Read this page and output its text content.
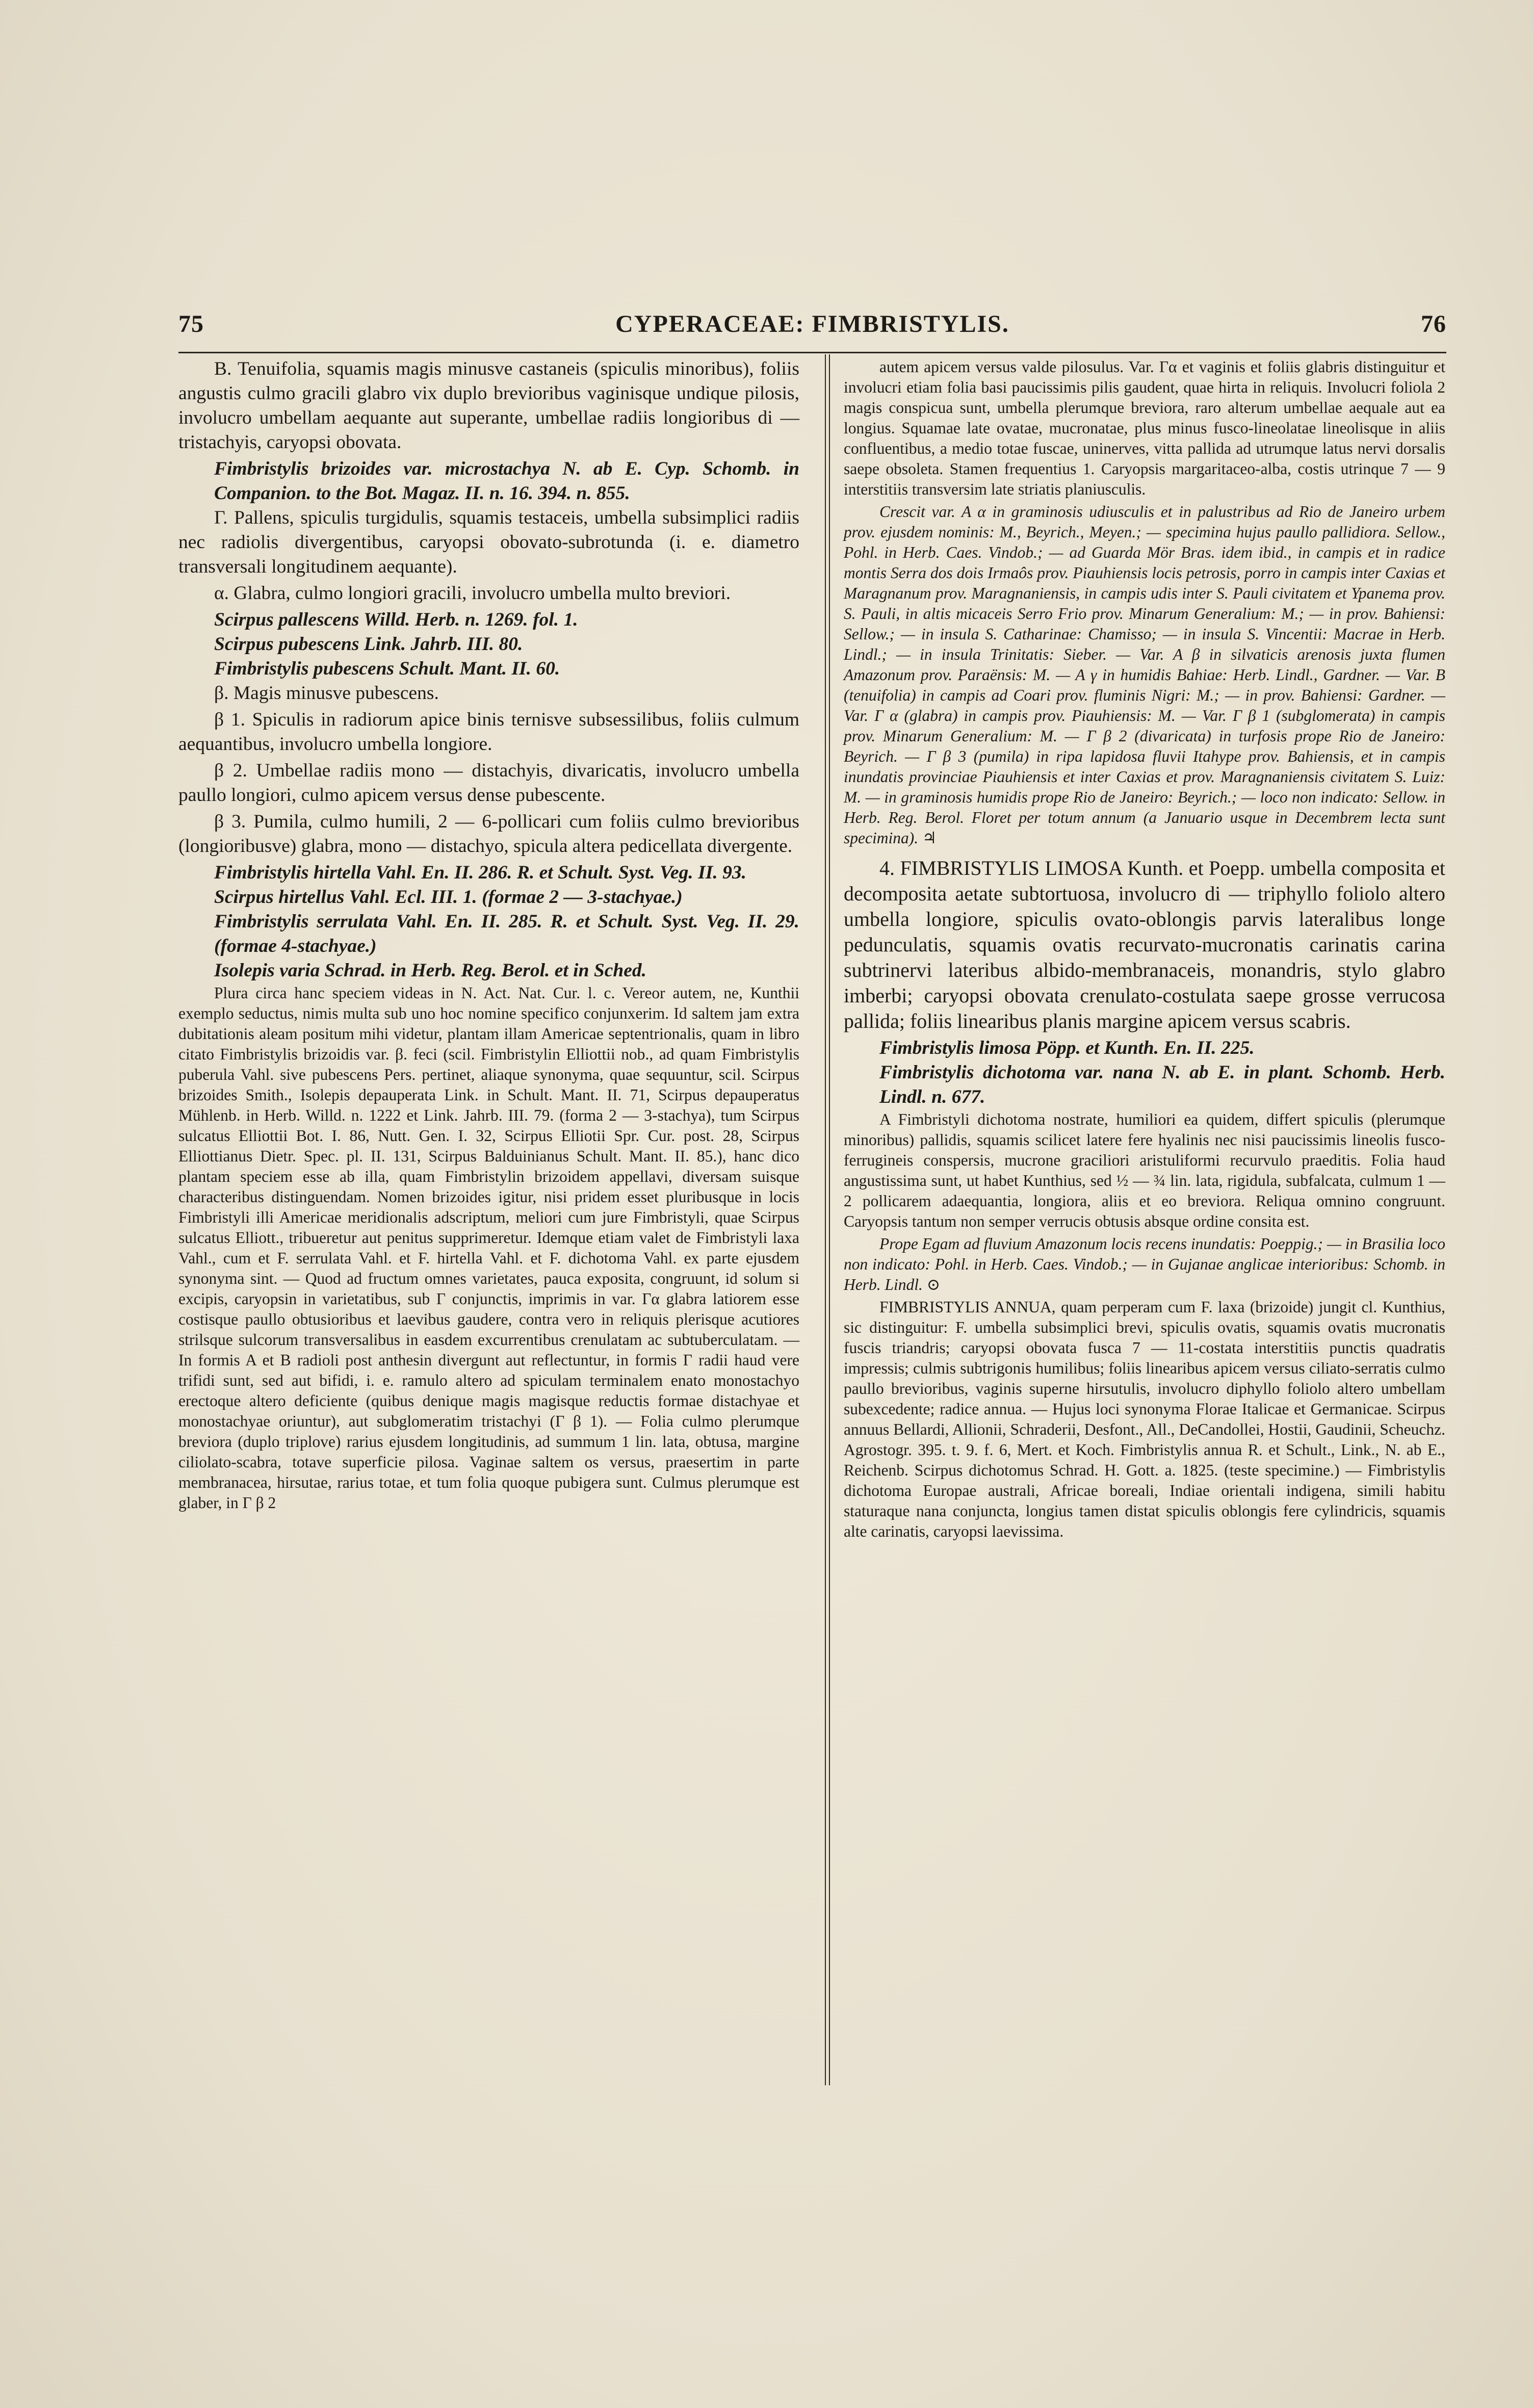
75	CYPERACEAE: FIMBRISTYLIS.	76

B. Tenuifolia, squamis magis minusve castaneis (spiculis minoribus), foliis angustis culmo gracili glabro vix duplo brevioribus vaginisque undique pilosis, involucro umbellam aequante aut superante, umbellae radiis longioribus di — tristachyis, caryopsi obovata.

Fimbristylis brizoides var. microstachya N. ab E. Cyp. Schomb. in Companion. to the Bot. Magaz. II. n. 16. 394. n. 855.

Γ. Pallens, spiculis turgidulis, squamis testaceis, umbella subsimplici radiis nec radiolis divergentibus, caryopsi obovato-subrotunda (i. e. diametro transversali longitudinem aequante).

α. Glabra, culmo longiori gracili, involucro umbella multo breviori.

Scirpus pallescens Willd. Herb. n. 1269. fol. 1.

Scirpus pubescens Link. Jahrb. III. 80.

Fimbristylis pubescens Schult. Mant. II. 60.

β. Magis minusve pubescens.

β 1. Spiculis in radiorum apice binis ternisve subsessilibus, foliis culmum aequantibus, involucro umbella longiore.

β 2. Umbellae radiis mono — distachyis, divaricatis, involucro umbella paullo longiori, culmo apicem versus dense pubescente.

β 3. Pumila, culmo humili, 2 — 6-pollicari cum foliis culmo brevioribus (longioribusve) glabra, mono — distachyo, spicula altera pedicellata divergente.

Fimbristylis hirtella Vahl. En. II. 286. R. et Schult. Syst. Veg. II. 93.

Scirpus hirtellus Vahl. Ecl. III. 1. (formae 2 — 3-stachyae.)

Fimbristylis serrulata Vahl. En. II. 285. R. et Schult. Syst. Veg. II. 29. (formae 4-stachyae.)

Isolepis varia Schrad. in Herb. Reg. Berol. et in Sched.

Plura circa hanc speciem videas in N. Act. Nat. Cur. l. c. Vereor autem, ne, Kunthii exemplo seductus, nimis multa sub uno hoc nomine specifico conjunxerim. Id saltem jam extra dubitationis aleam positum mihi videtur, plantam illam Americae septentrionalis, quam in libro citato Fimbristylis brizoidis var. β. feci (scil. Fimbristylin Elliottii nob., ad quam Fimbristylis puberula Vahl. sive pubescens Pers. pertinet, aliaque synonyma, quae sequuntur, scil. Scirpus brizoides Smith., Isolepis depauperata Link. in Schult. Mant. II. 71, Scirpus depauperatus Mühlenb. in Herb. Willd. n. 1222 et Link. Jahrb. III. 79. (forma 2 — 3-stachya), tum Scirpus sulcatus Elliottii Bot. I. 86, Nutt. Gen. I. 32, Scirpus Elliotii Spr. Cur. post. 28, Scirpus Elliottianus Dietr. Spec. pl. II. 131, Scirpus Balduinianus Schult. Mant. II. 85.), hanc dico plantam speciem esse ab illa, quam Fimbristylin brizoidem appellavi, diversam suisque characteribus distinguendam. Nomen brizoides igitur, nisi pridem esset pluribusque in locis Fimbristyli illi Americae meridionalis adscriptum, meliori cum jure Fimbristyli, quae Scirpus sulcatus Elliott., tribueretur aut penitus supprimeretur. Idemque etiam valet de Fimbristyli laxa Vahl., cum et F. serrulata Vahl. et F. hirtella Vahl. et F. dichotoma Vahl. ex parte ejusdem synonyma sint. — Quod ad fructum omnes varietates, pauca exposita, congruunt, id solum si excipis, caryopsin in varietatibus, sub Γ conjunctis, imprimis in var. Γα glabra latiorem esse costisque paullo obtusioribus et laevibus gaudere, contra vero in reliquis plerisque acutiores strilsque sulcorum transversalibus in easdem excurrentibus crenulatam ac subtuberculatam. — In formis A et B radioli post anthesin divergunt aut reflectuntur, in formis Γ radii haud vere trifidi sunt, sed aut bifidi, i. e. ramulo altero ad spiculam terminalem enato monostachyo erectoque altero deficiente (quibus denique magis magisque reductis formae distachyae et monostachyae oriuntur), aut subglomeratim tristachyi (Γ β 1). — Folia culmo plerumque breviora (duplo triplove) rarius ejusdem longitudinis, ad summum 1 lin. lata, obtusa, margine ciliolato-scabra, totave superficie pilosa. Vaginae saltem os versus, praesertim in parte membranacea, hirsutae, rarius totae, et tum folia quoque pubigera sunt. Culmus plerumque est glaber, in Γ β 2

autem apicem versus valde pilosulus. Var. Γα et vaginis et foliis glabris distinguitur et involucri etiam folia basi paucissimis pilis gaudent, quae hirta in reliquis. Involucri foliola 2 magis conspicua sunt, umbella plerumque breviora, raro alterum umbellae aequale aut ea longius. Squamae late ovatae, mucronatae, plus minus fusco-lineolatae lineolisque in aliis confluentibus, a medio totae fuscae, uninerves, vitta pallida ad utrumque latus nervi dorsalis saepe obsoleta. Stamen frequentius 1. Caryopsis margaritaceo-alba, costis utrinque 7 — 9 interstitiis transversim late striatis planiusculis.

Crescit var. A α in graminosis udiusculis et in palustribus ad Rio de Janeiro urbem prov. ejusdem nominis: M., Beyrich., Meyen.; — specimina hujus paullo pallidiora. Sellow., Pohl. in Herb. Caes. Vindob.; — ad Guarda Mör Bras. idem ibid., in campis et in radice montis Serra dos dois Irmaôs prov. Piauhiensis locis petrosis, porro in campis inter Caxias et Maragnanum prov. Maragnaniensis, in campis udis inter S. Pauli civitatem et Ypanema prov. S. Pauli, in altis micaceis Serro Frio prov. Minarum Generalium: M.; — in prov. Bahiensi: Sellow.; — in insula S. Catharinae: Chamisso; — in insula S. Vincentii: Macrae in Herb. Lindl.; — in insula Trinitatis: Sieber. — Var. A β in silvaticis arenosis juxta flumen Amazonum prov. Paraënsis: M. — A γ in humidis Bahiae: Herb. Lindl., Gardner. — Var. B (tenuifolia) in campis ad Coari prov. fluminis Nigri: M.; — in prov. Bahiensi: Gardner. — Var. Γ α (glabra) in campis prov. Piauhiensis: M. — Var. Γ β 1 (subglomerata) in campis prov. Minarum Generalium: M. — Γ β 2 (divaricata) in turfosis prope Rio de Janeiro: Beyrich. — Γ β 3 (pumila) in ripa lapidosa fluvii Itahype prov. Bahiensis, et in campis inundatis provinciae Piauhiensis et inter Caxias et prov. Maragnaniensis civitatem S. Luiz: M. — in graminosis humidis prope Rio de Janeiro: Beyrich.; — loco non indicato: Sellow. in Herb. Reg. Berol. Floret per totum annum (a Januario usque in Decembrem lecta sunt specimina). ♃

4. FIMBRISTYLIS LIMOSA Kunth. et Poepp. umbella composita et decomposita aetate subtortuosa, involucro di — triphyllo foliolo altero umbella longiore, spiculis ovato-oblongis parvis lateralibus longe pedunculatis, squamis ovatis recurvato-mucronatis carinatis carina subtrinervi lateribus albido-membranaceis, monandris, stylo glabro imberbi; caryopsi obovata crenulato-costulata saepe grosse verrucosa pallida; foliis linearibus planis margine apicem versus scabris.

Fimbristylis limosa Pöpp. et Kunth. En. II. 225.

Fimbristylis dichotoma var. nana N. ab E. in plant. Schomb. Herb. Lindl. n. 677.

A Fimbristyli dichotoma nostrate, humiliori ea quidem, differt spiculis (plerumque minoribus) pallidis, squamis scilicet latere fere hyalinis nec nisi paucissimis lineolis fusco-ferrugineis conspersis, mucrone graciliori aristuliformi recurvulo praeditis. Folia haud angustissima sunt, ut habet Kunthius, sed ½ — ¾ lin. lata, rigidula, subfalcata, culmum 1 — 2 pollicarem adaequantia, longiora, aliis et eo breviora. Reliqua omnino congruunt. Caryopsis tantum non semper verrucis obtusis absque ordine consita est.

Prope Egam ad fluvium Amazonum locis recens inundatis: Poeppig.; — in Brasilia loco non indicato: Pohl. in Herb. Caes. Vindob.; — in Gujanae anglicae interioribus: Schomb. in Herb. Lindl. ⊙

FIMBRISTYLIS ANNUA, quam perperam cum F. laxa (brizoide) jungit cl. Kunthius, sic distinguitur: F. umbella subsimplici brevi, spiculis ovatis, squamis ovatis mucronatis fuscis triandris; caryopsi obovata fusca 7 — 11-costata interstitiis punctis quadratis impressis; culmis subtrigonis humilibus; foliis linearibus apicem versus ciliato-serratis culmo paullo brevioribus, vaginis superne hirsutulis, involucro diphyllo foliolo altero umbellam subexcedente; radice annua. — Hujus loci synonyma Florae Italicae et Germanicae. Scirpus annuus Bellardi, Allionii, Schraderii, Desfont., All., DeCandollei, Hostii, Gaudinii, Scheuchz. Agrostogr. 395. t. 9. f. 6, Mert. et Koch. Fimbristylis annua R. et Schult., Link., N. ab E., Reichenb. Scirpus dichotomus Schrad. H. Gott. a. 1825. (teste specimine.) — Fimbristylis dichotoma Europae australi, Africae boreali, Indiae orientali indigena, simili habitu staturaque nana conjuncta, longius tamen distat spiculis oblongis fere cylindricis, squamis alte carinatis, caryopsi laevissima.
